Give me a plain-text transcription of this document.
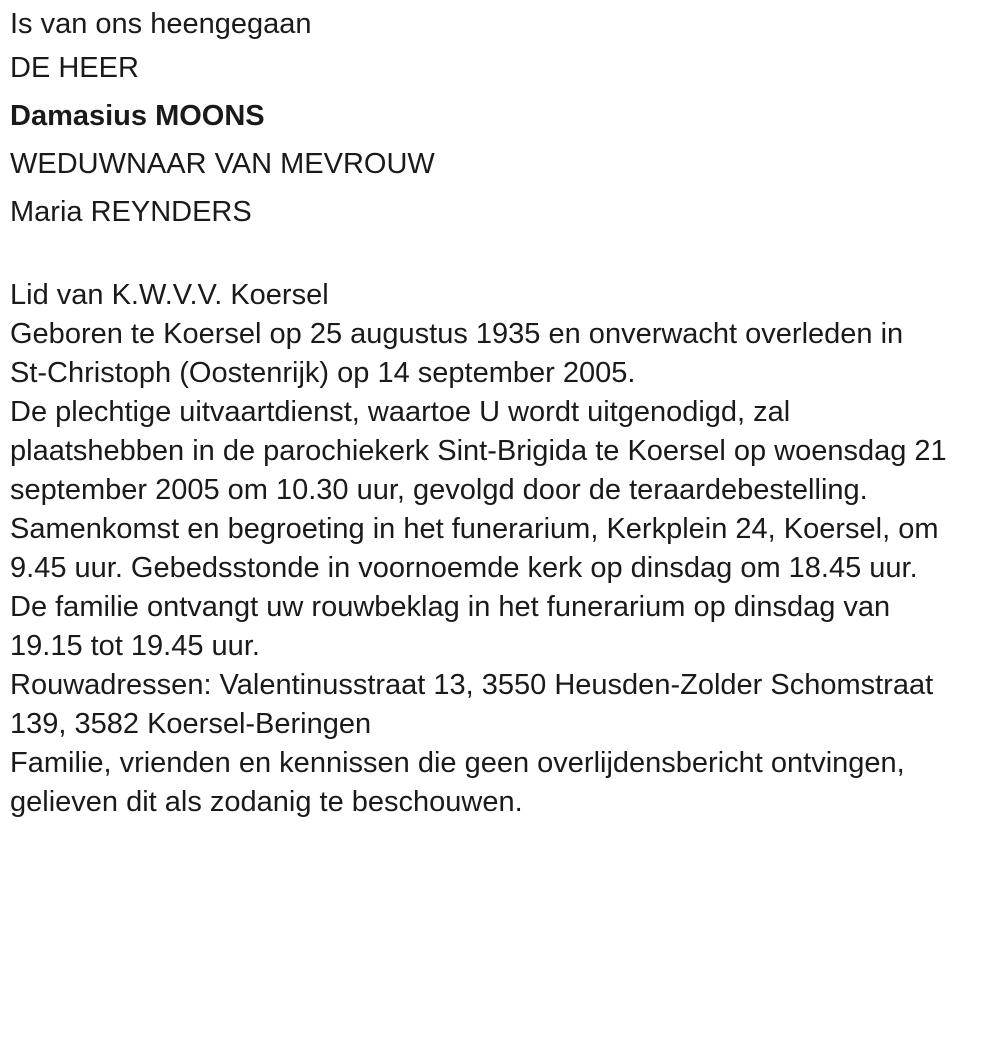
Is van ons heengegaan

DE HEER
Damasius MOONS
WEDUWNAAR VAN MEVROUW
Maria REYNDERS

Lid van K.W.V.V. Koersel

Geboren te Koersel op 25 augustus 1935 en onverwacht overleden in
St-Christoph (Oostenrijk) op 14 september 2005.

De plechtige uitvaartdienst, waartoe U wordt uitgenodigd, zal
plaatshebben in de parochiekerk Sint-Brigida te Koersel op woensdag 21
september 2005 om 10.30 uur, gevolgd door de teraardebestelling.
Samenkomst en begroeting in het funerarium, Kerkplein 24, Koersel, om
9.45 uur. Gebedsstonde in voornoemde kerk op dinsdag om 18.45 uur.
De familie ontvangt uw rouwbeklag in het funerarium op dinsdag van
19.15 tot 19.45 uur.

Rouwadressen: Valentinusstraat 13, 3550 Heusden-Zolder Schomstraat
139, 3582 Koersel-Beringen

Familie, vrienden en kennissen die geen overlijdensbericht ontvingen,
gelieven dit als zodanig te beschouwen.
